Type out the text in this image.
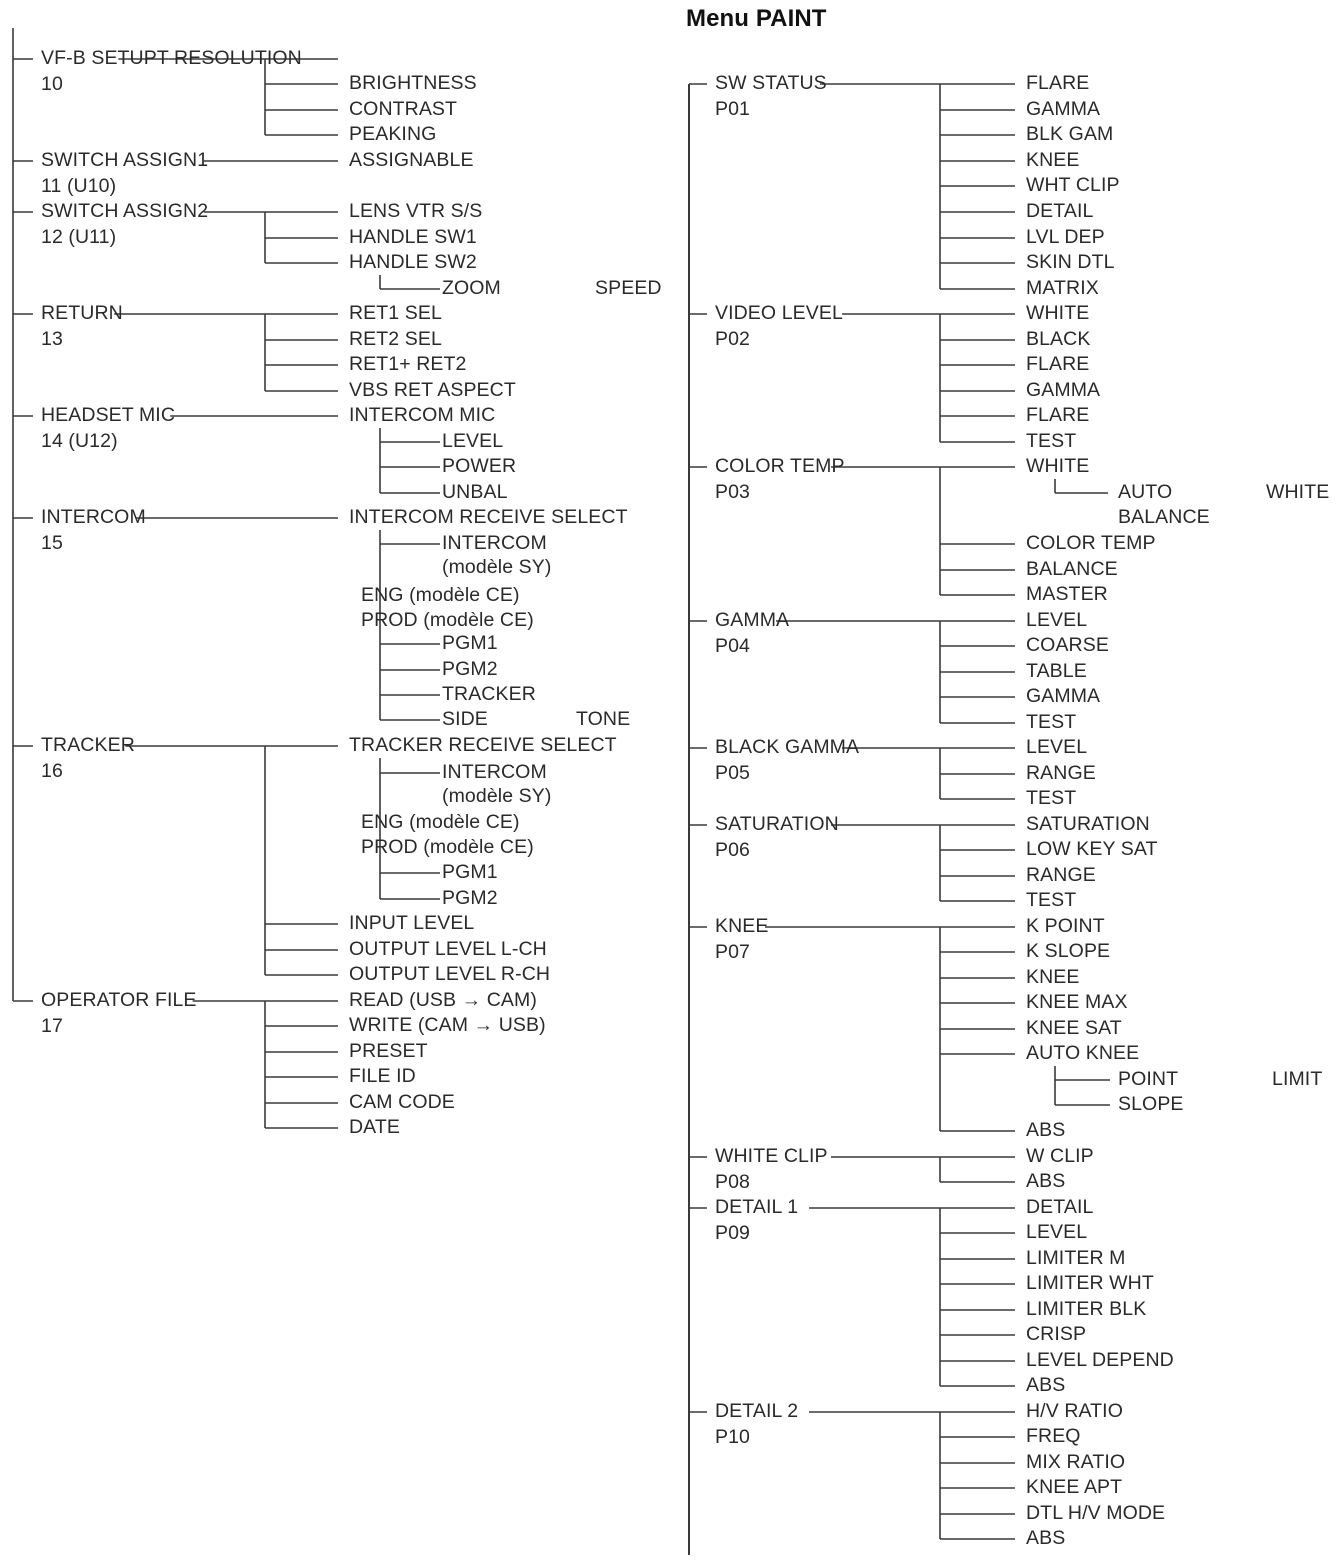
Menu PAINT
VF-B SETUPT RESOLUTION
10	BRIGHTNESS
CONTRAST
PEAKING
SWITCH ASSIGN1
11 (U10)
ASSIGNABLE
SWITCH ASSIGN2
12 (U11)
LENS VTR S/S
HANDLE SW1
HANDLE SW2
ZOOM	SPEED
RETURN
13
RET1 SEL
RET2 SEL
RET1+ RET2
VBS RET ASPECT
HEADSET MIC
14 (U12)
INTERCOM MIC
LEVEL
POWER
UNBAL
INTERCOM
15
INTERCOM RECEIVE SELECT
INTERCOM
(modèle SY)
ENG (modèle CE)
PROD (modèle CE)
PGM1
PGM2
TRACKER
SIDE	TONE
TRACKER
16
TRACKER RECEIVE SELECT
INTERCOM
(modèle SY)
ENG (modèle CE)
PROD (modèle CE)
PGM1
PGM2
INPUT LEVEL
OUTPUT LEVEL L-CH
OUTPUT LEVEL R-CH
OPERATOR FILE
17
READ (USB → CAM)
WRITE (CAM → USB)
PRESET
FILE ID
CAM CODE
DATE
SW STATUS
P01
FLARE
GAMMA
BLK GAM
KNEE
WHT CLIP
DETAIL
LVL DEP
SKIN DTL
MATRIX
VIDEO LEVEL
P02
WHITE
BLACK
FLARE
GAMMA
FLARE
TEST
COLOR TEMP
P03
WHITE
COLOR TEMP
BALANCE
MASTER
AUTO	WHITE
BALANCE
GAMMA
P04
LEVEL
COARSE
TABLE
GAMMA
TEST
BLACK GAMMA
P05
LEVEL
RANGE
TEST
SATURATION
P06
SATURATION
LOW KEY SAT
RANGE
TEST
KNEE
P07
K POINT
K SLOPE
KNEE
KNEE MAX
KNEE SAT
AUTO KNEE
ABS
POINT	LIMIT
SLOPE
WHITE CLIP
P08
W CLIP
ABS
DETAIL 1
P09
DETAIL
LEVEL
LIMITER M
LIMITER WHT
LIMITER BLK
CRISP
LEVEL DEPEND
ABS
DETAIL 2
P10
H/V RATIO
FREQ
MIX RATIO
KNEE APT
DTL H/V MODE
ABS
